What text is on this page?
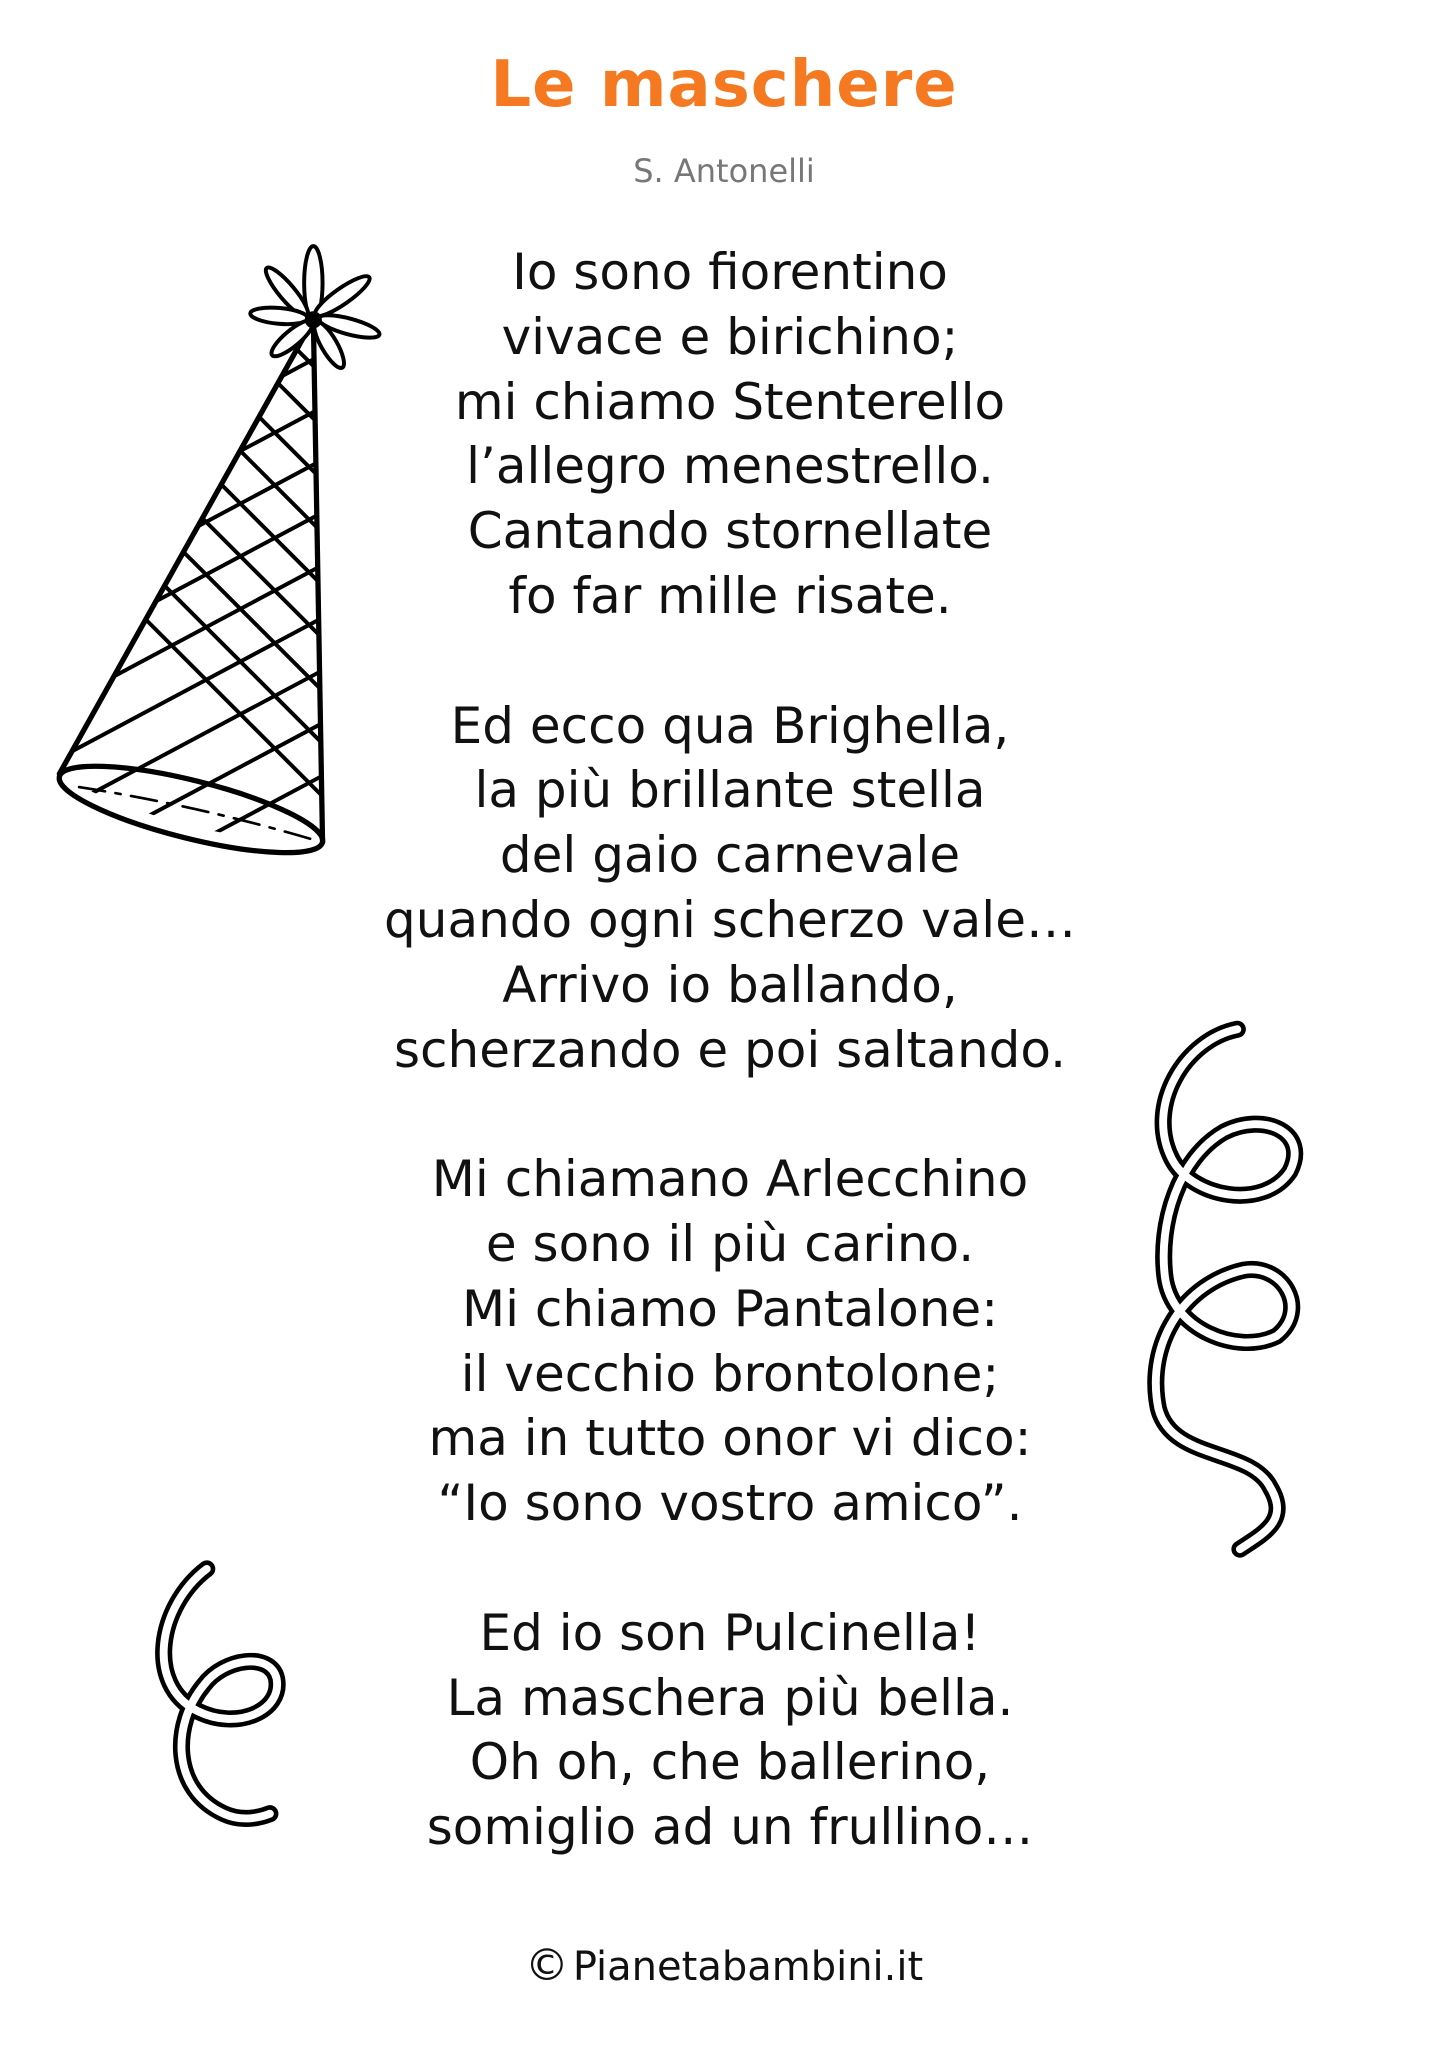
Le maschere
S. Antonelli
Io sono fiorentino
vivace e birichino;
mi chiamo Stenterello
l’allegro menestrello.
Cantando stornellate
fo far mille risate.
Ed ecco qua Brighella,
la più brillante stella
del gaio carnevale
quando ogni scherzo vale…
Arrivo io ballando,
scherzando e poi saltando.
Mi chiamano Arlecchino
e sono il più carino.
Mi chiamo Pantalone:
il vecchio brontolone;
ma in tutto onor vi dico:
“Io sono vostro amico”.
Ed io son Pulcinella!
La maschera più bella.
Oh oh, che ballerino,
somiglio ad un frullino…
© Pianetabambini.it
